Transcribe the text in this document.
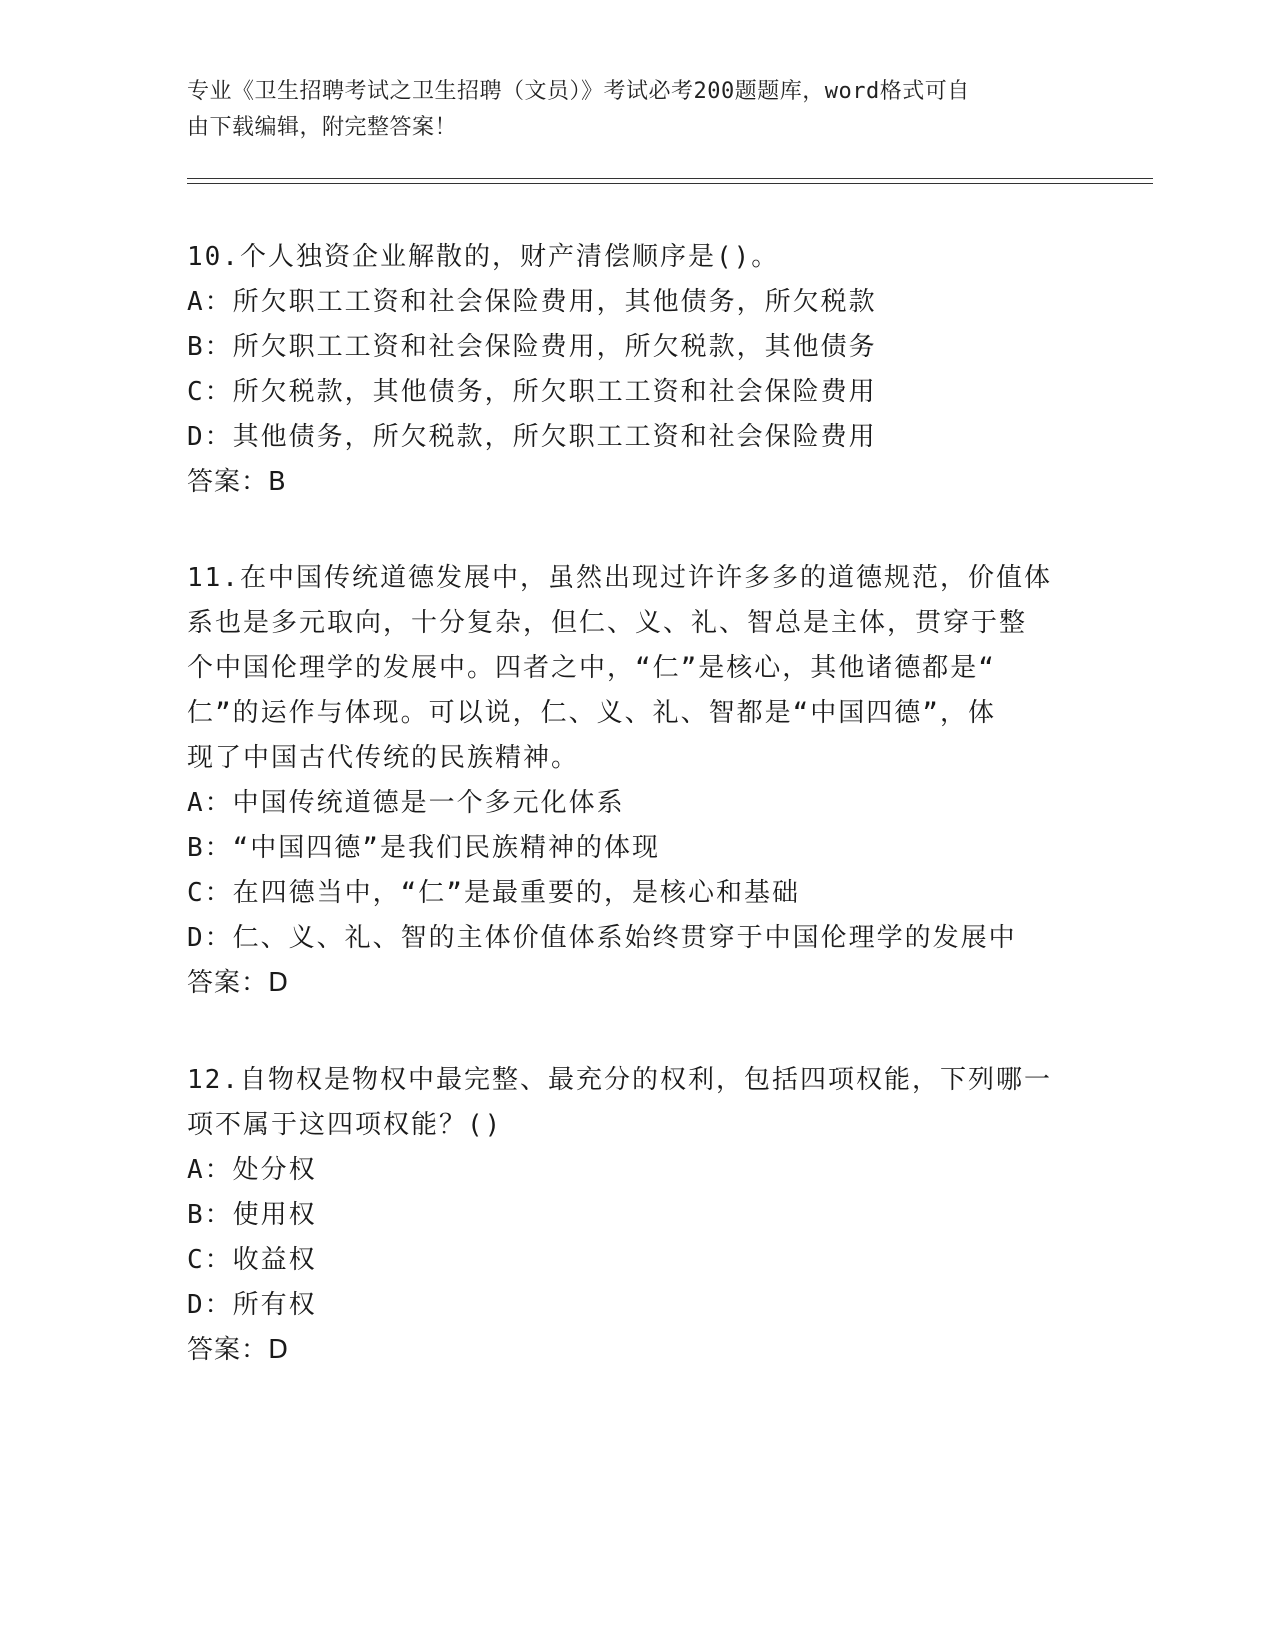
专业《卫生招聘考试之卫生招聘（文员）》考试必考200题题库，word格式可自
由下载编辑，附完整答案！

10.个人独资企业解散的，财产清偿顺序是()。

A：所欠职工工资和社会保险费用，其他债务，所欠税款

B：所欠职工工资和社会保险费用，所欠税款，其他债务

C：所欠税款，其他债务，所欠职工工资和社会保险费用

D：其他债务，所欠税款，所欠职工工资和社会保险费用

答案：B

11.在中国传统道德发展中，虽然出现过许许多多的道德规范，价值体

系也是多元取向，十分复杂，但仁、义、礼、智总是主体，贯穿于整

个中国伦理学的发展中。四者之中，“仁”是核心，其他诸德都是“

仁”的运作与体现。可以说，仁、义、礼、智都是“中国四德”，体

现了中国古代传统的民族精神。

A：中国传统道德是一个多元化体系

B：“中国四德”是我们民族精神的体现

C：在四德当中，“仁”是最重要的，是核心和基础

D：仁、义、礼、智的主体价值体系始终贯穿于中国伦理学的发展中

答案：D

12.自物权是物权中最完整、最充分的权利，包括四项权能，下列哪一

项不属于这四项权能？()

A：处分权

B：使用权

C：收益权

D：所有权

答案：D
